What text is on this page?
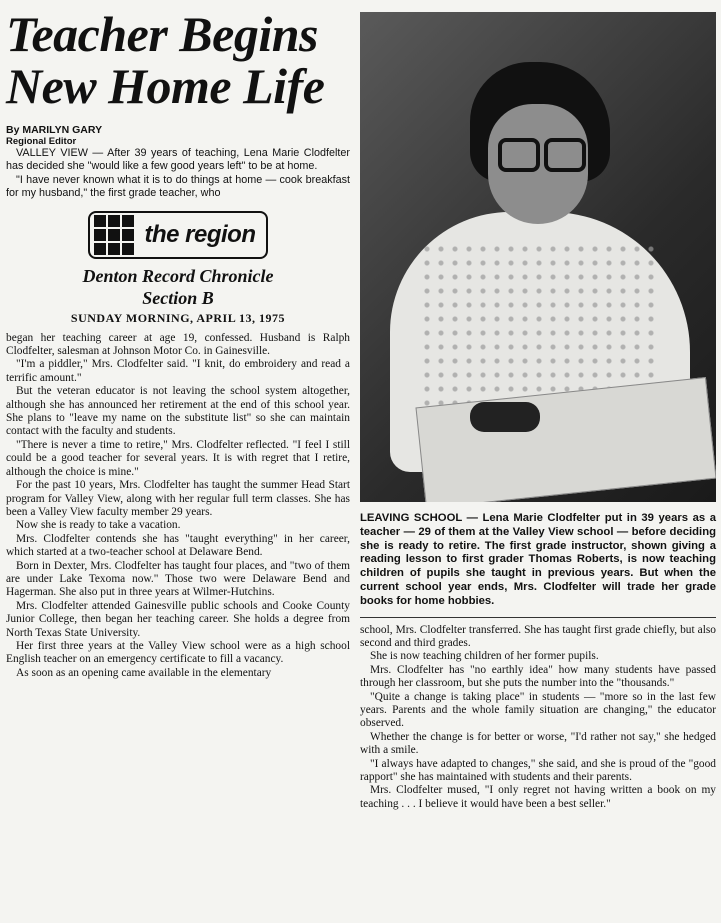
Teacher Begins
New Home Life
By MARILYN GARY
Regional Editor

VALLEY VIEW — After 39 years of teaching, Lena Marie Clodfelter has decided she "would like a few good years left" to be at home.

"I have never known what it is to do things at home — cook breakfast for my husband," the first grade teacher, who

the region
Denton Record Chronicle
Section B
SUNDAY MORNING, APRIL 13, 1975

began her teaching career at age 19, confessed. Husband is Ralph Clodfelter, salesman at Johnson Motor Co. in Gainesville.

"I'm a piddler," Mrs. Clodfelter said. "I knit, do embroidery and read a terrific amount."

But the veteran educator is not leaving the school system altogether, although she has announced her retirement at the end of this school year. She plans to "leave my name on the substitute list" so she can maintain contact with the faculty and students.

"There is never a time to retire," Mrs. Clodfelter reflected. "I feel I still could be a good teacher for several years. It is with regret that I retire, although the choice is mine."

For the past 10 years, Mrs. Clodfelter has taught the summer Head Start program for Valley View, along with her regular full term classes. She has been a Valley View faculty member 29 years.

Now she is ready to take a vacation.

Mrs. Clodfelter contends she has "taught everything" in her career, which started at a two-teacher school at Delaware Bend.

Born in Dexter, Mrs. Clodfelter has taught four places, and "two of them are under Lake Texoma now." Those two were Delaware Bend and Hagerman. She also put in three years at Wilmer-Hutchins.

Mrs. Clodfelter attended Gainesville public schools and Cooke County Junior College, then began her teaching career. She holds a degree from North Texas State University.

Her first three years at the Valley View school were as a high school English teacher on an emergency certificate to fill a vacancy.

As soon as an opening came available in the elementary

LEAVING SCHOOL — Lena Marie Clodfelter put in 39 years as a teacher — 29 of them at the Valley View school — before deciding she is ready to retire. The first grade instructor, shown giving a reading lesson to first grader Thomas Roberts, is now teaching children of pupils she taught in previous years. But when the current school year ends, Mrs. Clodfelter will trade her grade books for home hobbies.

school, Mrs. Clodfelter transferred. She has taught first grade chiefly, but also second and third grades.

She is now teaching children of her former pupils.

Mrs. Clodfelter has "no earthly idea" how many students have passed through her classroom, but she puts the number into the "thousands."

"Quite a change is taking place" in students — "more so in the last few years. Parents and the whole family situation are changing," the educator observed.

Whether the change is for better or worse, "I'd rather not say," she hedged with a smile.

"I always have adapted to changes," she said, and she is proud of the "good rapport" she has maintained with students and their parents.

Mrs. Clodfelter mused, "I only regret not having written a book on my teaching . . . I believe it would have been a best seller."
